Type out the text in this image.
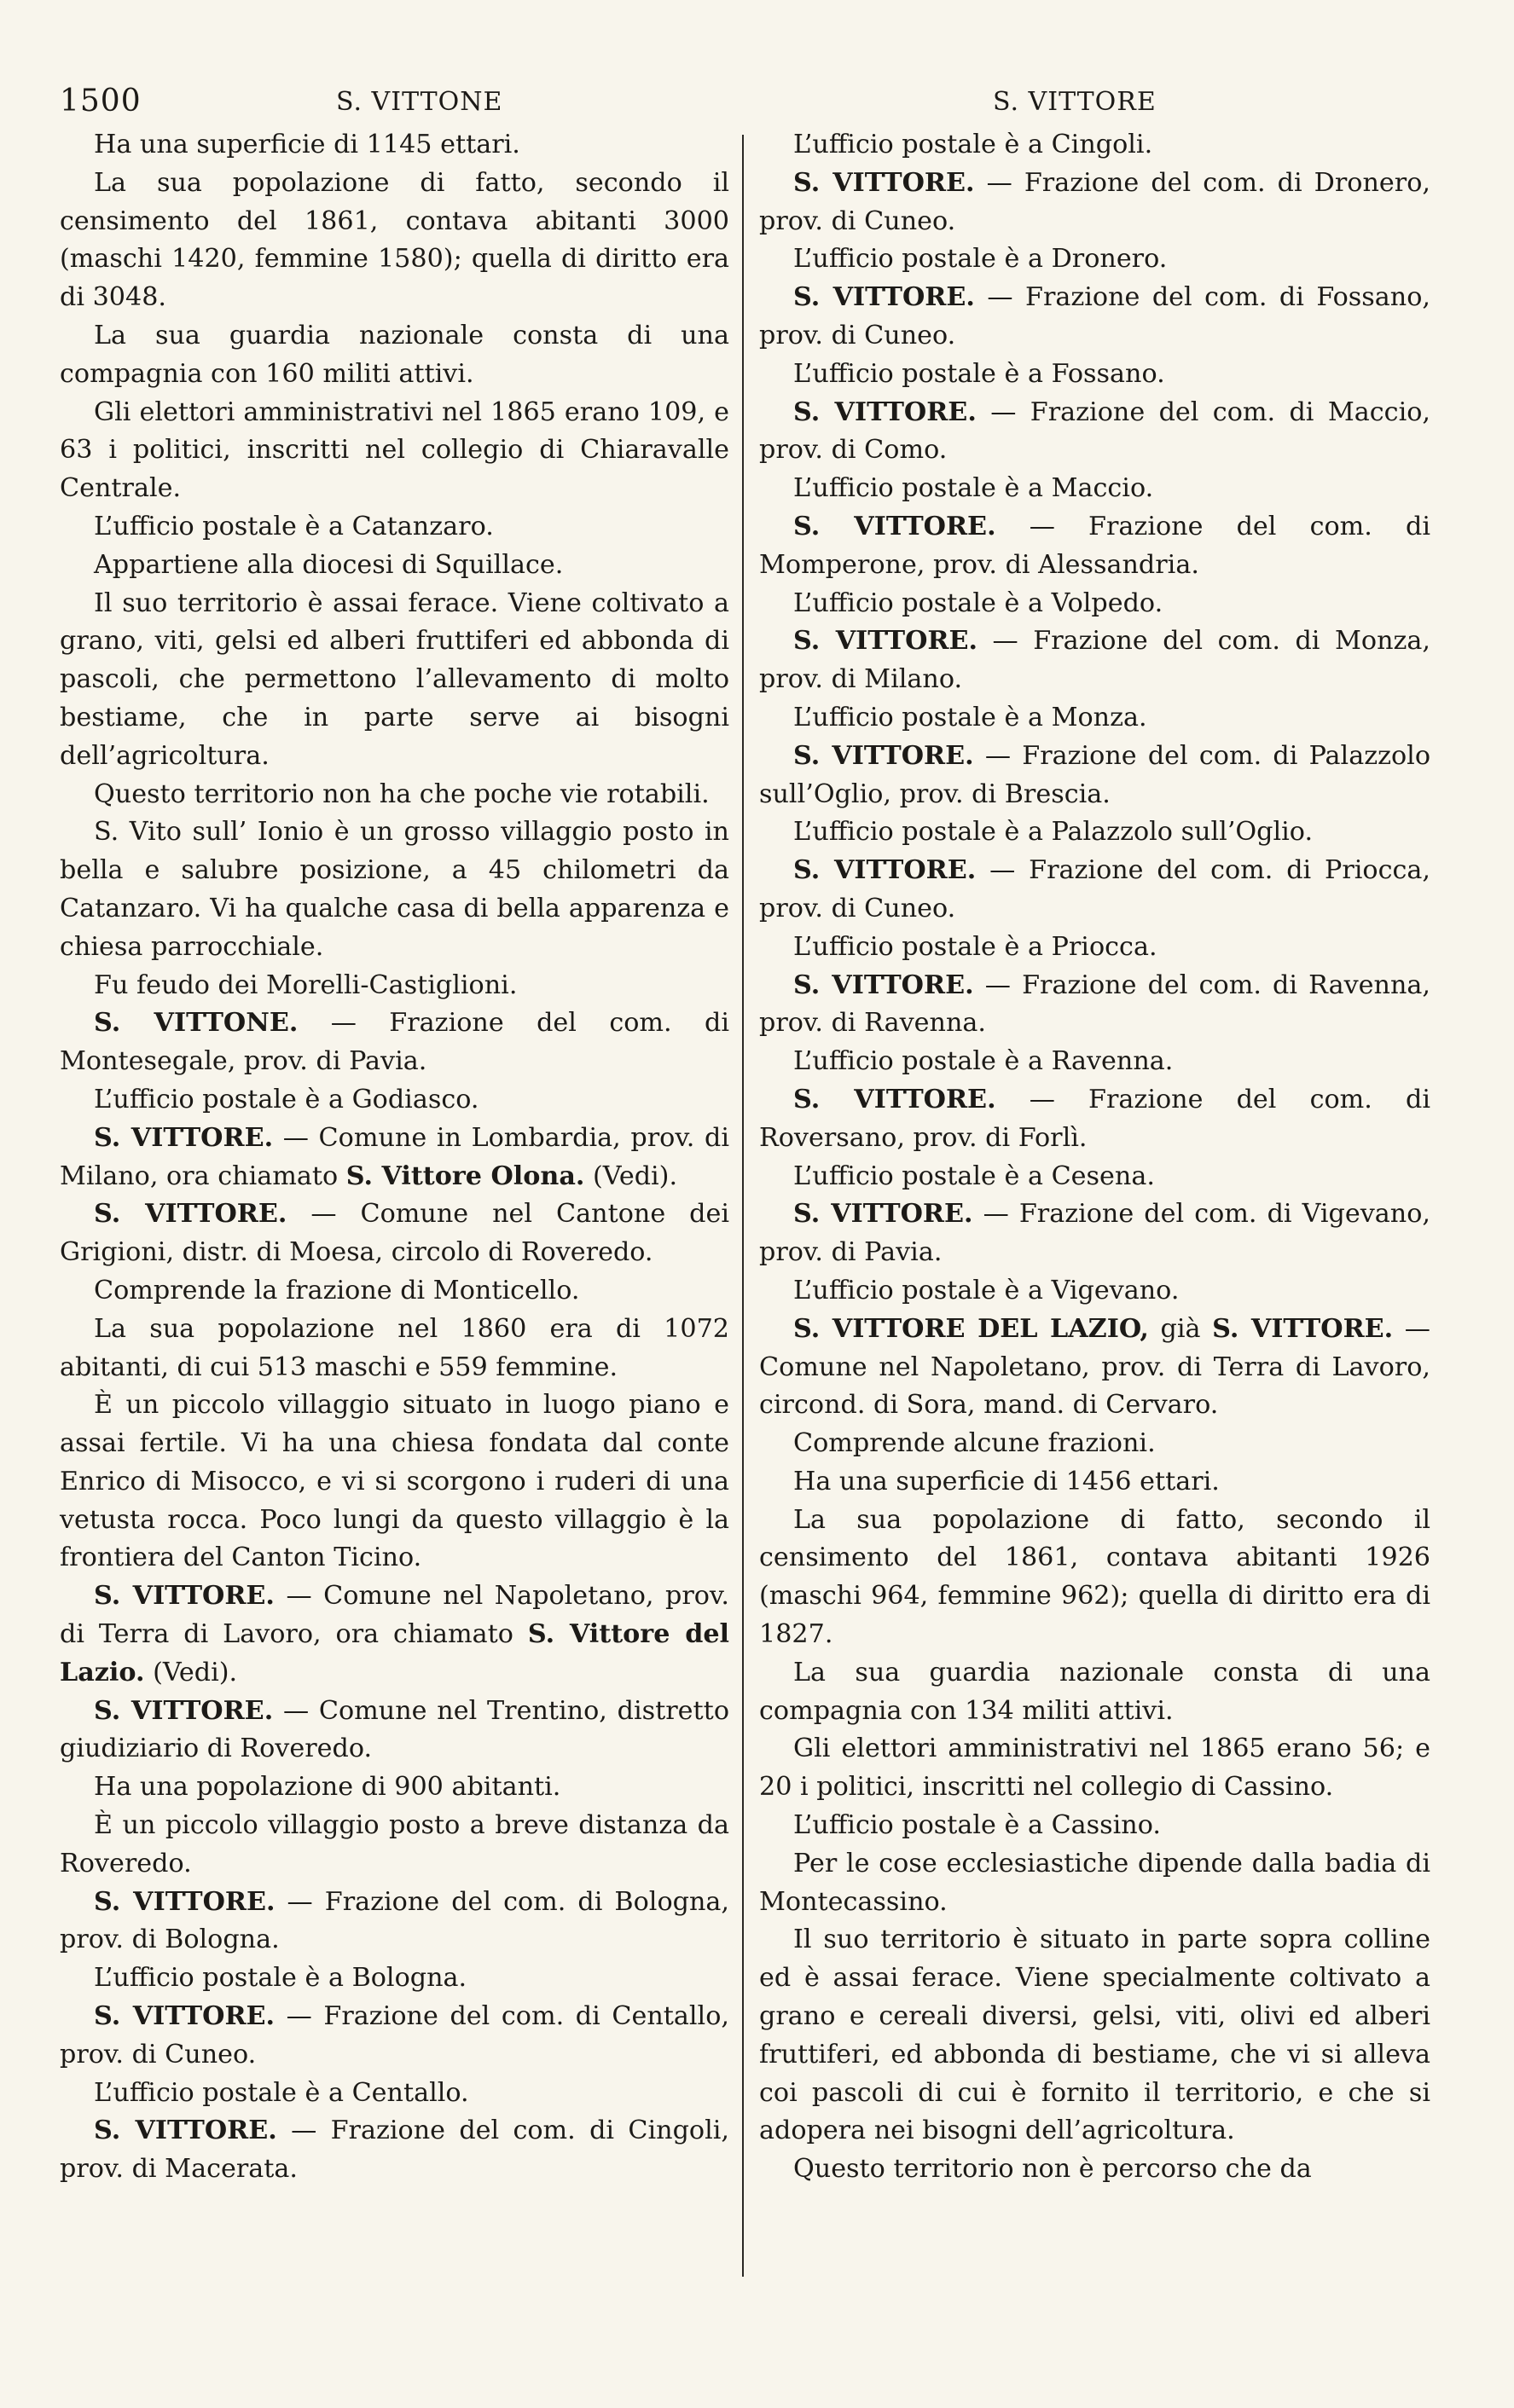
1500	S. VITTONE	S. VITTORE

Ha una superficie di 1145 ettari.

La sua popolazione di fatto, secondo il censimento del 1861, contava abitanti 3000 (maschi 1420, femmine 1580); quella di diritto era di 3048.

La sua guardia nazionale consta di una compagnia con 160 militi attivi.

Gli elettori amministrativi nel 1865 erano 109, e 63 i politici, inscritti nel collegio di Chiaravalle Centrale.

L’ufficio postale è a Catanzaro.

Appartiene alla diocesi di Squillace.

Il suo territorio è assai ferace. Viene coltivato a grano, viti, gelsi ed alberi fruttiferi ed abbonda di pascoli, che permettono l’allevamento di molto bestiame, che in parte serve ai bisogni dell’agricoltura.

Questo territorio non ha che poche vie rotabili.

S. Vito sull’ Ionio è un grosso villaggio posto in bella e salubre posizione, a 45 chilometri da Catanzaro. Vi ha qualche casa di bella apparenza e chiesa parrocchiale.

Fu feudo dei Morelli-Castiglioni.

S. VITTONE. — Frazione del com. di Montesegale, prov. di Pavia.

L’ufficio postale è a Godiasco.

S. VITTORE. — Comune in Lombardia, prov. di Milano, ora chiamato S. Vittore Olona. (Vedi).

S. VITTORE. — Comune nel Cantone dei Grigioni, distr. di Moesa, circolo di Roveredo.

Comprende la frazione di Monticello.

La sua popolazione nel 1860 era di 1072 abitanti, di cui 513 maschi e 559 femmine.

È un piccolo villaggio situato in luogo piano e assai fertile. Vi ha una chiesa fondata dal conte Enrico di Misocco, e vi si scorgono i ruderi di una vetusta rocca. Poco lungi da questo villaggio è la frontiera del Canton Ticino.

S. VITTORE. — Comune nel Napoletano, prov. di Terra di Lavoro, ora chiamato S. Vittore del Lazio. (Vedi).

S. VITTORE. — Comune nel Trentino, distretto giudiziario di Roveredo.

Ha una popolazione di 900 abitanti.

È un piccolo villaggio posto a breve distanza da Roveredo.

S. VITTORE. — Frazione del com. di Bologna, prov. di Bologna.

L’ufficio postale è a Bologna.

S. VITTORE. — Frazione del com. di Centallo, prov. di Cuneo.

L’ufficio postale è a Centallo.

S. VITTORE. — Frazione del com. di Cingoli, prov. di Macerata.

L’ufficio postale è a Cingoli.

S. VITTORE. — Frazione del com. di Dronero, prov. di Cuneo.

L’ufficio postale è a Dronero.

S. VITTORE. — Frazione del com. di Fossano, prov. di Cuneo.

L’ufficio postale è a Fossano.

S. VITTORE. — Frazione del com. di Maccio, prov. di Como.

L’ufficio postale è a Maccio.

S. VITTORE. — Frazione del com. di Momperone, prov. di Alessandria.

L’ufficio postale è a Volpedo.

S. VITTORE. — Frazione del com. di Monza, prov. di Milano.

L’ufficio postale è a Monza.

S. VITTORE. — Frazione del com. di Palazzolo sull’Oglio, prov. di Brescia.

L’ufficio postale è a Palazzolo sull’Oglio.

S. VITTORE. — Frazione del com. di Priocca, prov. di Cuneo.

L’ufficio postale è a Priocca.

S. VITTORE. — Frazione del com. di Ravenna, prov. di Ravenna.

L’ufficio postale è a Ravenna.

S. VITTORE. — Frazione del com. di Roversano, prov. di Forlì.

L’ufficio postale è a Cesena.

S. VITTORE. — Frazione del com. di Vigevano, prov. di Pavia.

L’ufficio postale è a Vigevano.

S. VITTORE DEL LAZIO, già S. VITTORE. — Comune nel Napoletano, prov. di Terra di Lavoro, circond. di Sora, mand. di Cervaro.

Comprende alcune frazioni.

Ha una superficie di 1456 ettari.

La sua popolazione di fatto, secondo il censimento del 1861, contava abitanti 1926 (maschi 964, femmine 962); quella di diritto era di 1827.

La sua guardia nazionale consta di una compagnia con 134 militi attivi.

Gli elettori amministrativi nel 1865 erano 56; e 20 i politici, inscritti nel collegio di Cassino.

L’ufficio postale è a Cassino.

Per le cose ecclesiastiche dipende dalla badia di Montecassino.

Il suo territorio è situato in parte sopra colline ed è assai ferace. Viene specialmente coltivato a grano e cereali diversi, gelsi, viti, olivi ed alberi fruttiferi, ed abbonda di bestiame, che vi si alleva coi pascoli di cui è fornito il territorio, e che si adopera nei bisogni dell’agricoltura.

Questo territorio non è percorso che da
